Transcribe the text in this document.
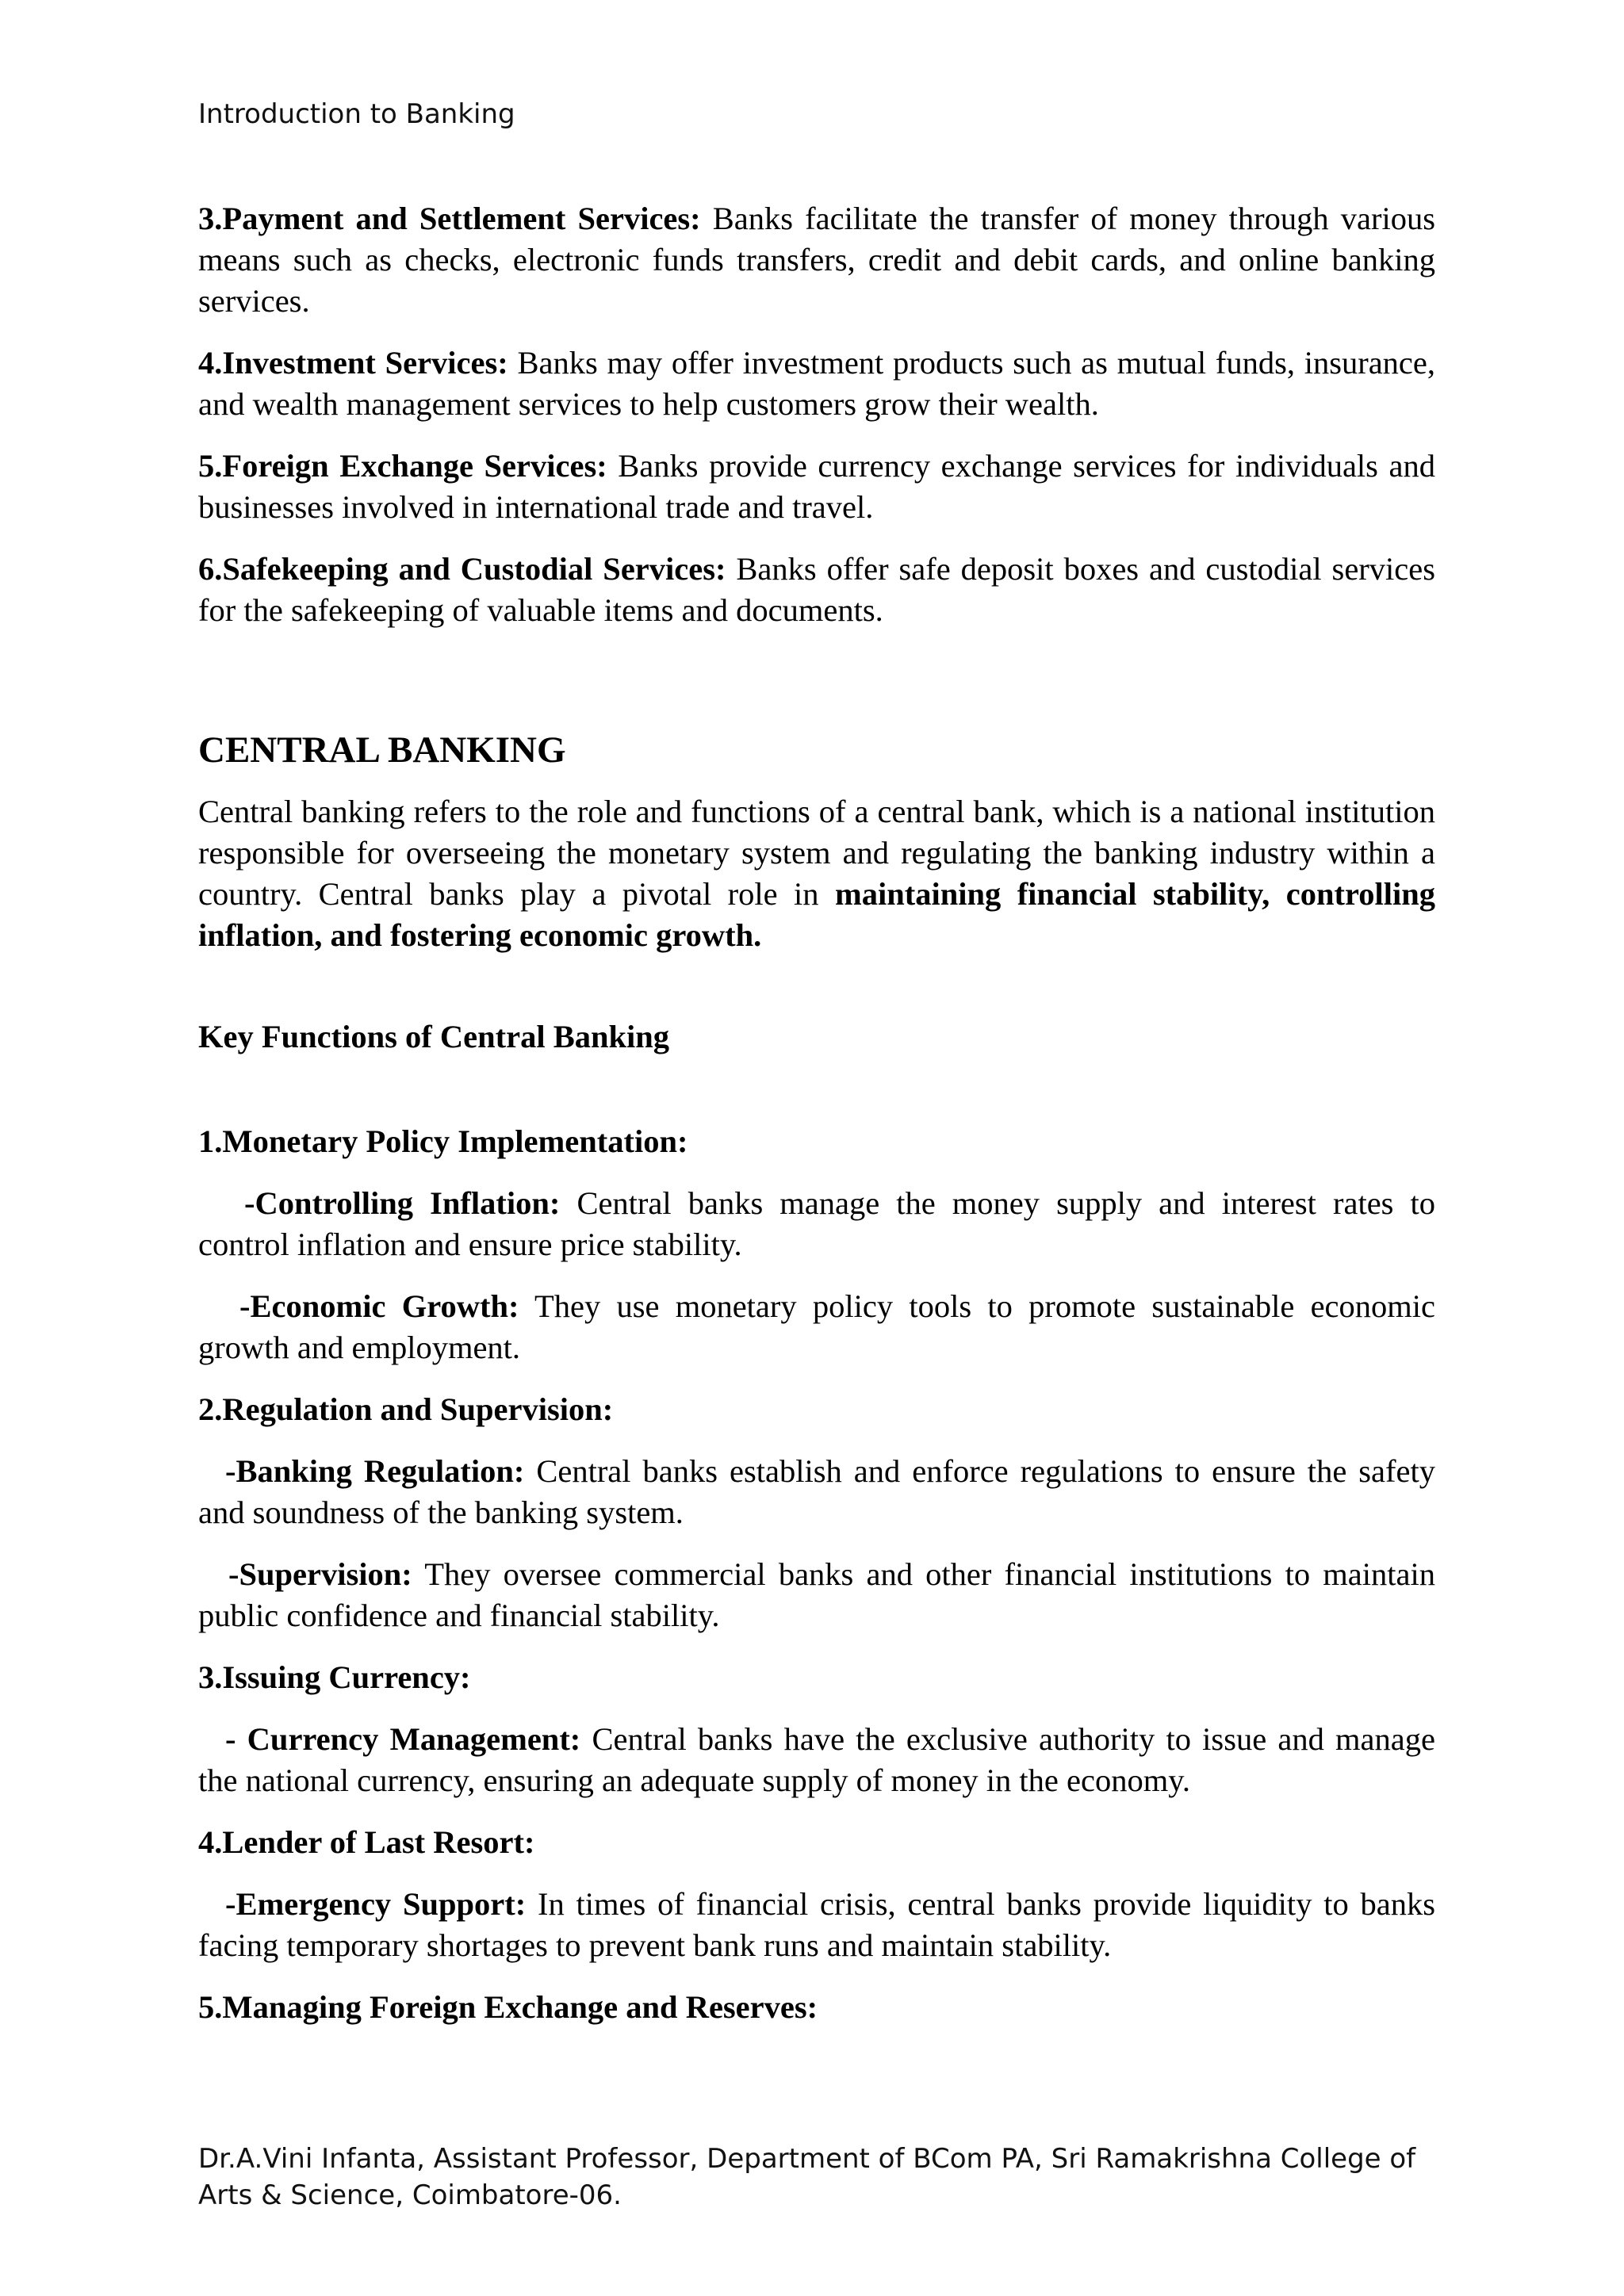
Introduction to Banking

3.Payment and Settlement Services: Banks facilitate the transfer of money through various means such as checks, electronic funds transfers, credit and debit cards, and online banking services.

4.Investment Services: Banks may offer investment products such as mutual funds, insurance, and wealth management services to help customers grow their wealth.

5.Foreign Exchange Services: Banks provide currency exchange services for individuals and businesses involved in international trade and travel.

6.Safekeeping and Custodial Services: Banks offer safe deposit boxes and custodial services for the safekeeping of valuable items and documents.

CENTRAL BANKING

Central banking refers to the role and functions of a central bank, which is a national institution responsible for overseeing the monetary system and regulating the banking industry within a country. Central banks play a pivotal role in maintaining financial stability, controlling inflation, and fostering economic growth.

Key Functions of Central Banking

1.Monetary Policy Implementation:

-Controlling Inflation: Central banks manage the money supply and interest rates to control inflation and ensure price stability.

-Economic Growth: They use monetary policy tools to promote sustainable economic growth and employment.

2.Regulation and Supervision:

-Banking Regulation: Central banks establish and enforce regulations to ensure the safety and soundness of the banking system.

-Supervision: They oversee commercial banks and other financial institutions to maintain public confidence and financial stability.

3.Issuing Currency:

- Currency Management: Central banks have the exclusive authority to issue and manage the national currency, ensuring an adequate supply of money in the economy.

4.Lender of Last Resort:

-Emergency Support: In times of financial crisis, central banks provide liquidity to banks facing temporary shortages to prevent bank runs and maintain stability.

5.Managing Foreign Exchange and Reserves:

Dr.A.Vini Infanta, Assistant Professor, Department of BCom PA, Sri Ramakrishna College of Arts & Science, Coimbatore-06.
